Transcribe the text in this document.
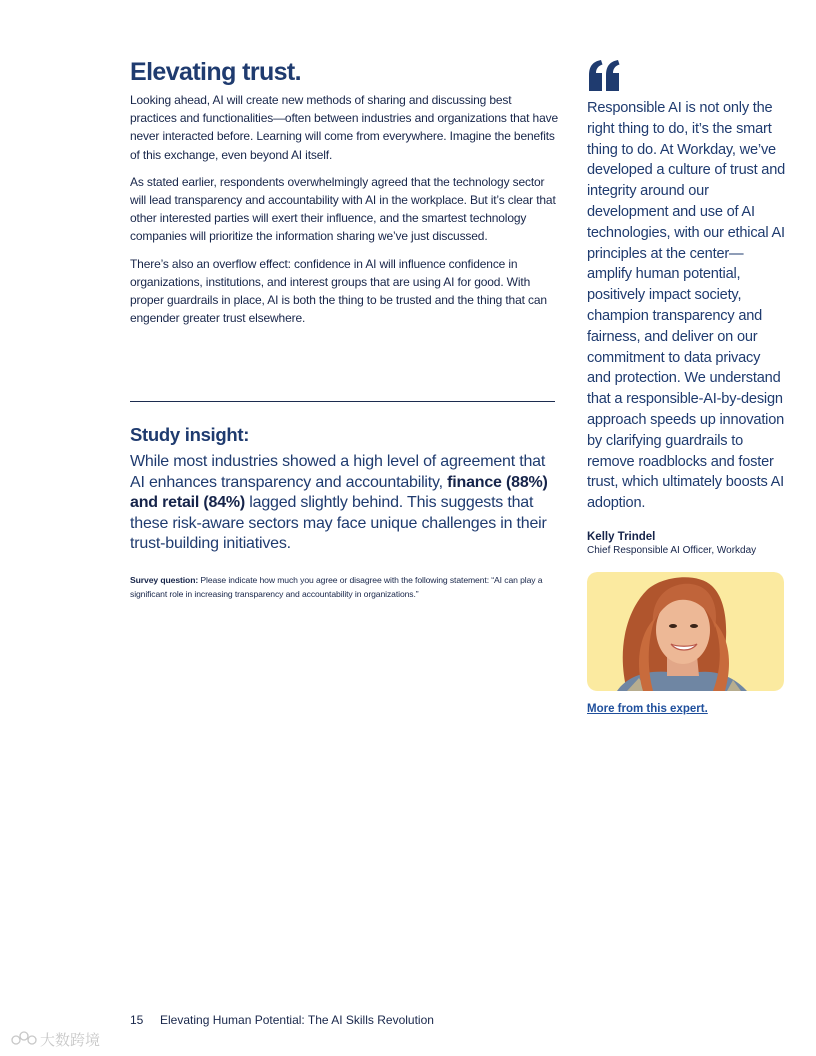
Elevating trust.

Looking ahead, AI will create new methods of sharing and discussing best practices and functionalities—often between industries and organizations that have never interacted before. Learning will come from everywhere. Imagine the benefits of this exchange, even beyond AI itself.

As stated earlier, respondents overwhelmingly agreed that the technology sector will lead transparency and accountability with AI in the workplace. But it’s clear that other interested parties will exert their influence, and the smartest technology companies will prioritize the information sharing we’ve just discussed.

There’s also an overflow effect: confidence in AI will influence confidence in organizations, institutions, and interest groups that are using AI for good. With proper guardrails in place, AI is both the thing to be trusted and the thing that can engender greater trust elsewhere.

Study insight:

While most industries showed a high level of agreement that AI enhances transparency and accountability, finance (88%) and retail (84%) lagged slightly behind. This suggests that these risk-aware sectors may face unique challenges in their trust-building initiatives.

Survey question: Please indicate how much you agree or disagree with the following statement: “AI can play a significant role in increasing transparency and accountability in organizations.”

Responsible AI is not only the right thing to do, it’s the smart thing to do. At Workday, we’ve developed a culture of trust and integrity around our development and use of AI technologies, with our ethical AI principles at the center—amplify human potential, positively impact society, champion transparency and fairness, and deliver on our commitment to data privacy and protection. We understand that a responsible-AI-by-design approach speeds up innovation by clarifying guardrails to remove roadblocks and foster trust, which ultimately boosts AI adoption.

Kelly Trindel

Chief Responsible AI Officer, Workday

More from this expert.
15 Elevating Human Potential: The AI Skills Revolution
大数跨境
